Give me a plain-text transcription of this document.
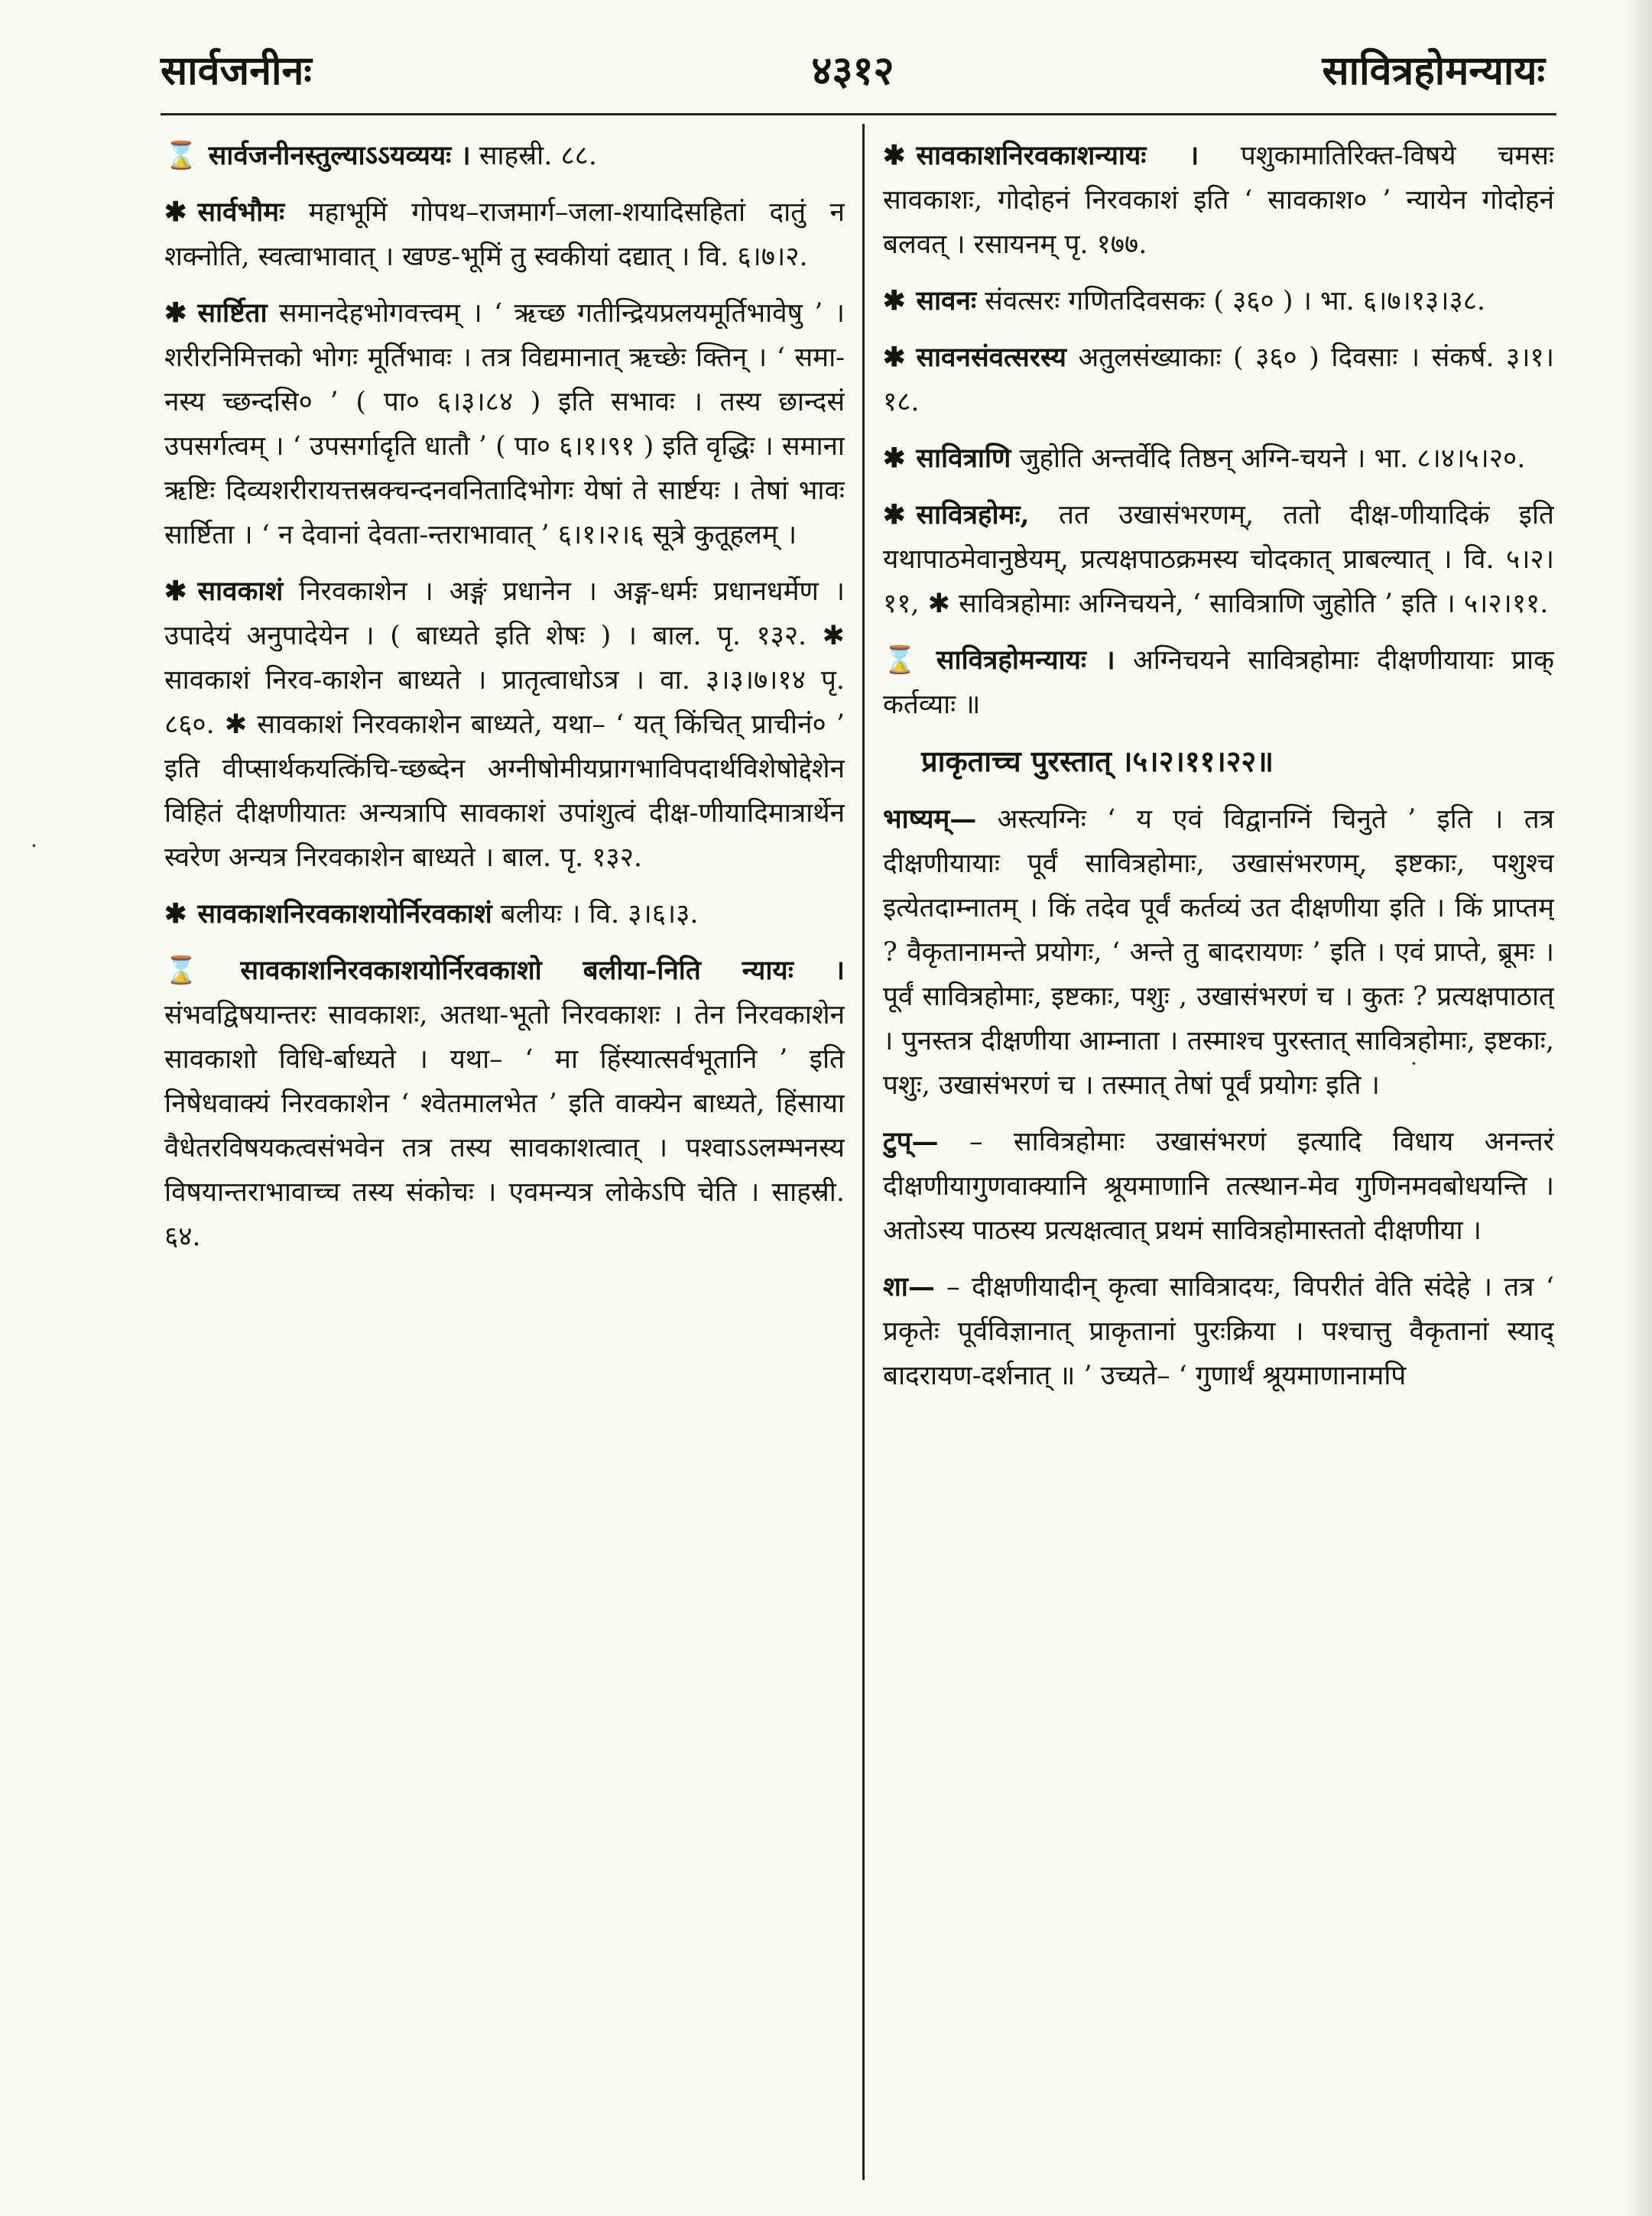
सार्वजनीनः	४३१२	सावित्रहोमन्यायः

⌛ सार्वजनीनस्तुल्याऽऽयव्ययः । साहस्री. ८८.

✱ सार्वभौमः महाभूमिं गोपथ–राजमार्ग–जला-शयादिसहितां दातुं न शक्नोति, स्वत्वाभावात् । खण्ड-भूमिं तु स्वकीयां दद्यात् । वि. ६।७।२.

✱ सार्ष्टिता समानदेहभोगवत्त्वम् । ‘ ऋच्छ गतीन्द्रियप्रलयमूर्तिभावेषु ’ । शरीरनिमित्तको भोगः मूर्तिभावः । तत्र विद्यमानात् ऋच्छेः क्तिन् । ‘ समा-नस्य च्छन्दसि० ’ ( पा० ६।३।८४ ) इति सभावः । तस्य छान्दसं उपसर्गत्वम् । ‘ उपसर्गादृति धातौ ’ ( पा० ६।१।९१ ) इति वृद्धिः । समाना ऋष्टिः दिव्यशरीरायत्तस्रक्चन्दनवनितादिभोगः येषां ते सार्ष्टयः । तेषां भावः सार्ष्टिता । ‘ न देवानां देवता-न्तराभावात् ’ ६।१।२।६ सूत्रे कुतूहलम् ।

✱ सावकाशं निरवकाशेन । अङ्गं प्रधानेन । अङ्ग-धर्मः प्रधानधर्मेण । उपादेयं अनुपादेयेन । ( बाध्यते इति शेषः ) । बाल. पृ. १३२. ✱ सावकाशं निरव-काशेन बाध्यते । प्रातृत्वाधोऽत्र । वा. ३।३।७।१४ पृ. ८६०. ✱ सावकाशं निरवकाशेन बाध्यते, यथा– ‘ यत् किंचित् प्राचीनं० ’ इति वीप्सार्थकयत्किंचि-च्छब्देन अग्नीषोमीयप्रागभाविपदार्थविशेषोद्देशेन विहितं दीक्षणीयातः अन्यत्रापि सावकाशं उपांशुत्वं दीक्ष-णीयादिमात्रार्थेन स्वरेण अन्यत्र निरवकाशेन बाध्यते । बाल. पृ. १३२.

✱ सावकाशनिरवकाशयोर्निरवकाशं बलीयः । वि. ३।६।३.

⌛ सावकाशनिरवकाशयोर्निरवकाशो बलीया-निति न्यायः । संभवद्विषयान्तरः सावकाशः, अतथा-भूतो निरवकाशः । तेन निरवकाशेन सावकाशो विधि-र्बाध्यते । यथा– ‘ मा हिंस्यात्सर्वभूतानि ’ इति निषेधवाक्यं निरवकाशेन ‘ श्वेतमालभेत ’ इति वाक्येन बाध्यते, हिंसाया वैधेतरविषयकत्वसंभवेन तत्र तस्य सावकाशत्वात् । पश्वाऽऽलम्भनस्य विषयान्तराभावाच्च तस्य संकोचः । एवमन्यत्र लोकेऽपि चेति । साहस्री. ६४.

✱ सावकाशनिरवकाशन्यायः । पशुकामातिरिक्त-विषये चमसः सावकाशः, गोदोहनं निरवकाशं इति ‘ सावकाश० ’ न्यायेन गोदोहनं बलवत् । रसायनम् पृ. १७७.

✱ सावनः संवत्सरः गणितदिवसकः ( ३६० ) । भा. ६।७।१३।३८.

✱ सावनसंवत्सरस्य अतुलसंख्याकाः ( ३६० ) दिवसाः । संकर्ष. ३।१।१८.

✱ सावित्राणि जुहोति अन्तर्वेदि तिष्ठन् अग्नि-चयने । भा. ८।४।५।२०.

✱ सावित्रहोमः, तत उखासंभरणम्, ततो दीक्ष-णीयादिकं इति यथापाठमेवानुष्ठेयम्, प्रत्यक्षपाठक्रमस्य चोदकात् प्राबल्यात् । वि. ५।२।११, ✱ सावित्रहोमाः अग्निचयने, ‘ सावित्राणि जुहोति ’ इति । ५।२।११.

⌛ सावित्रहोमन्यायः । अग्निचयने सावित्रहोमाः दीक्षणीयायाः प्राक् कर्तव्याः ॥

प्राकृताच्च पुरस्तात् ।५।२।११।२२॥

भाष्यम्— अस्त्यग्निः ‘ य एवं विद्वानग्निं चिनुते ’ इति । तत्र दीक्षणीयायाः पूर्वं सावित्रहोमाः, उखासंभरणम्, इष्टकाः, पशुश्च इत्येतदाम्नातम् । किं तदेव पूर्वं कर्तव्यं उत दीक्षणीया इति । किं प्राप्तम् ? वैकृतानामन्ते प्रयोगः, ‘ अन्ते तु बादरायणः ’ इति । एवं प्राप्ते, ब्रूमः । पूर्वं सावित्रहोमाः, इष्टकाः, पशुः , उखासंभरणं च । कुतः ? प्रत्यक्षपाठात् । पुनस्तत्र दीक्षणीया आम्नाता । तस्माश्च पुरस्तात् सावित्रहोमाः, इष्टकाः, पशुः, उखासंभरणं च । तस्मात् तेषां पूर्वं प्रयोगः इति ।

टुप्— – सावित्रहोमाः उखासंभरणं इत्यादि विधाय अनन्तरं दीक्षणीयागुणवाक्यानि श्रूयमाणानि तत्स्थान-मेव गुणिनमवबोधयन्ति । अतोऽस्य पाठस्य प्रत्यक्षत्वात् प्रथमं सावित्रहोमास्ततो दीक्षणीया ।

शा— – दीक्षणीयादीन् कृत्वा सावित्रादयः, विपरीतं वेति संदेहे । तत्र ‘ प्रकृतेः पूर्वविज्ञानात् प्राकृतानां पुरःक्रिया । पश्चात्तु वैकृतानां स्याद् बादरायण-दर्शनात् ॥ ’ उच्यते– ‘ गुणार्थं श्रूयमाणानामपि

·
·
